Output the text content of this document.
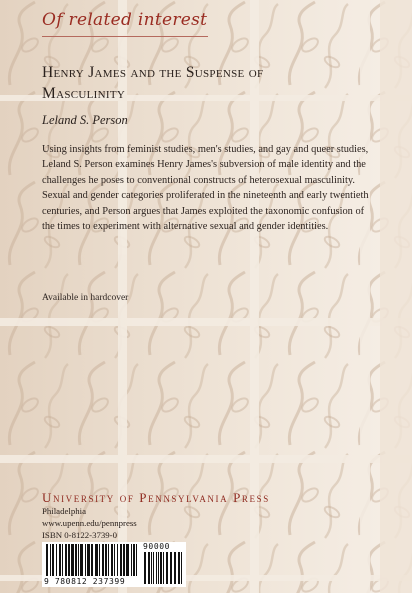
Of related interest
Henry James and the Suspense of
Masculinity
Leland S. Person
Using insights from feminist studies, men's studies, and gay and queer studies, Leland S. Person examines Henry James's subversion of male identity and the challenges he poses to conventional constructs of heterosexual masculinity. Sexual and gender categories proliferated in the nineteenth and early twentieth centuries, and Person argues that James exploited the taxonomic confusion of the times to experiment with alternative sexual and gender identities.
Available in hardcover
University of Pennsylvania Press
Philadelphia
www.upenn.edu/pennpress
ISBN 0-8122-3739-0
9 780812 237399
90000
